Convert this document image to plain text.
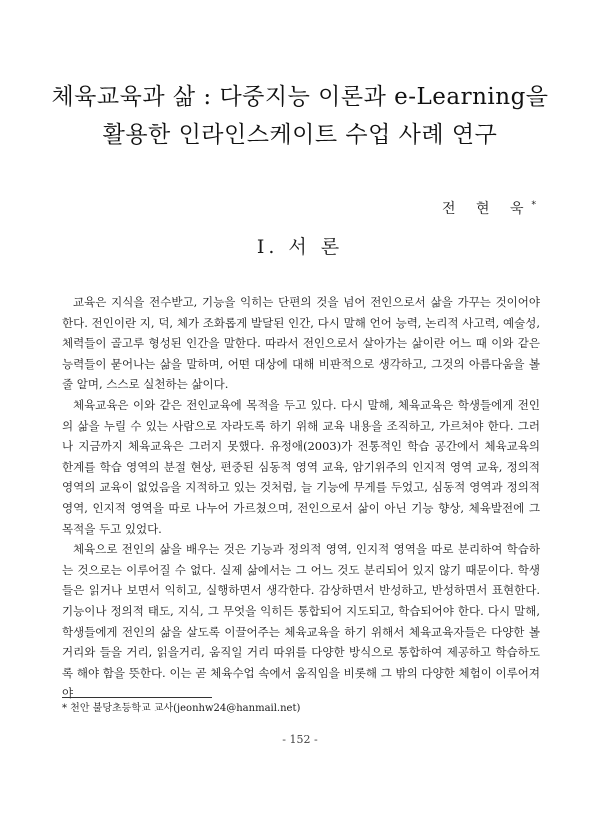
체육교육과 삶 : 다중지능 이론과 e-Learning을
활용한 인라인스케이트 수업 사례 연구
전 현 욱*
Ⅰ. 서 론

교육은 지식을 전수받고, 기능을 익히는 단편의 것을 넘어 전인으로서 삶을 가꾸는 것이어야 한다. 전인이란 지, 덕, 체가 조화롭게 발달된 인간, 다시 말해 언어 능력, 논리적 사고력, 예술성, 체력들이 골고루 형성된 인간을 말한다. 따라서 전인으로서 살아가는 삶이란 어느 때 이와 같은 능력들이 묻어나는 삶을 말하며, 어떤 대상에 대해 비판적으로 생각하고, 그것의 아름다움을 볼 줄 알며, 스스로 실천하는 삶이다.

체육교육은 이와 같은 전인교육에 목적을 두고 있다. 다시 말해, 체육교육은 학생들에게 전인의 삶을 누릴 수 있는 사람으로 자라도록 하기 위해 교육 내용을 조직하고, 가르쳐야 한다. 그러나 지금까지 체육교육은 그러지 못했다. 유정애(2003)가 전통적인 학습 공간에서 체육교육의 한계를 학습 영역의 분절 현상, 편중된 심동적 영역 교육, 암기위주의 인지적 영역 교육, 정의적 영역의 교육이 없었음을 지적하고 있는 것처럼, 늘 기능에 무게를 두었고, 심동적 영역과 정의적 영역, 인지적 영역을 따로 나누어 가르쳤으며, 전인으로서 삶이 아닌 기능 향상, 체육발전에 그 목적을 두고 있었다.

체육으로 전인의 삶을 배우는 것은 기능과 정의적 영역, 인지적 영역을 따로 분리하여 학습하는 것으로는 이루어질 수 없다. 실제 삶에서는 그 어느 것도 분리되어 있지 않기 때문이다. 학생들은 읽거나 보면서 익히고, 실행하면서 생각한다. 감상하면서 반성하고, 반성하면서 표현한다. 기능이나 정의적 태도, 지식, 그 무엇을 익히든 통합되어 지도되고, 학습되어야 한다. 다시 말해, 학생들에게 전인의 삶을 살도록 이끌어주는 체육교육을 하기 위해서 체육교육자들은 다양한 볼거리와 들을 거리, 읽을거리, 움직일 거리 따위를 다양한 방식으로 통합하여 제공하고 학습하도록 해야 함을 뜻한다. 이는 곧 체육수업 속에서 움직임을 비롯해 그 밖의 다양한 체험이 이루어져야

* 천안 불당초등학교 교사(jeonhw24@hanmail.net)
- 152 -
